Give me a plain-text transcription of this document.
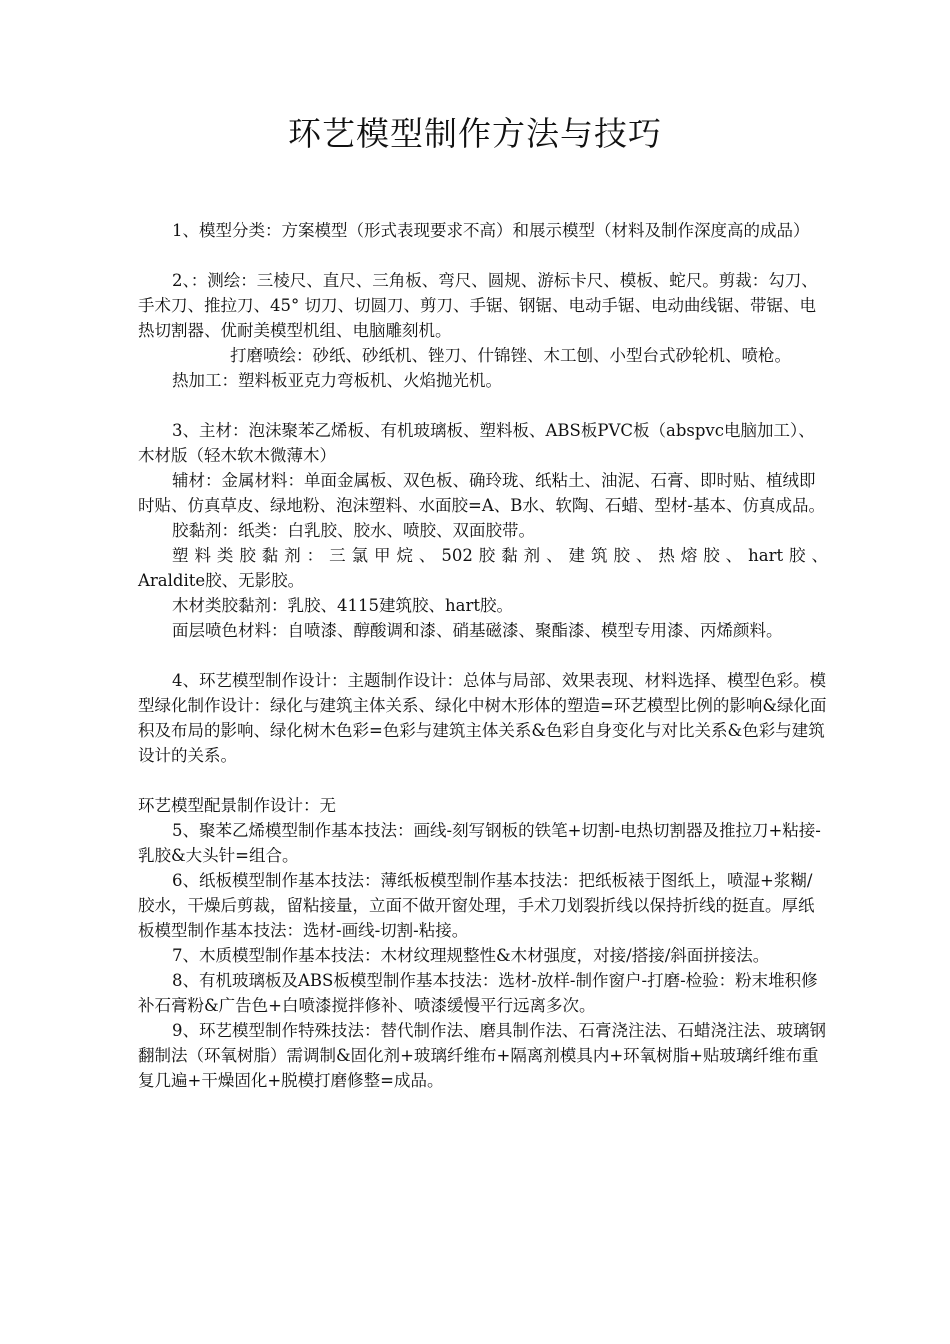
环艺模型制作方法与技巧

1、模型分类：方案模型（形式表现要求不高）和展示模型（材料及制作深度高的成品）

2、：测绘：三棱尺、直尺、三角板、弯尺、圆规、游标卡尺、模板、蛇尺。剪裁：勾刀、手术刀、推拉刀、45° 切刀、切圆刀、剪刀、手锯、钢锯、电动手锯、电动曲线锯、带锯、电热切割器、优耐美模型机组、电脑雕刻机。

打磨喷绘：砂纸、砂纸机、锉刀、什锦锉、木工刨、小型台式砂轮机、喷枪。

热加工：塑料板亚克力弯板机、火焰抛光机。

3、主材：泡沫聚苯乙烯板、有机玻璃板、塑料板、ABS板PVC板（abspvc电脑加工）、木材版（轻木软木微薄木）

辅材：金属材料：单面金属板、双色板、确玲珑、纸粘土、油泥、石膏、即时贴、植绒即时贴、仿真草皮、绿地粉、泡沫塑料、水面胶=A、B水、软陶、石蜡、型材-基本、仿真成品。

胶黏剂：纸类：白乳胶、胶水、喷胶、双面胶带。

塑料类胶黏剂：三氯甲烷、502胶黏剂、建筑胶、热熔胶、hart胶、

Araldite胶、无影胶。

木材类胶黏剂：乳胶、4115建筑胶、hart胶。

面层喷色材料：自喷漆、醇酸调和漆、硝基磁漆、聚酯漆、模型专用漆、丙烯颜料。

4、环艺模型制作设计：主题制作设计：总体与局部、效果表现、材料选择、模型色彩。模型绿化制作设计：绿化与建筑主体关系、绿化中树木形体的塑造=环艺模型比例的影响&绿化面积及布局的影响、绿化树木色彩=色彩与建筑主体关系&色彩自身变化与对比关系&色彩与建筑设计的关系。

环艺模型配景制作设计：无

5、聚苯乙烯模型制作基本技法：画线-刻写钢板的铁笔+切割-电热切割器及推拉刀+粘接-乳胶&大头针=组合。

6、纸板模型制作基本技法：薄纸板模型制作基本技法：把纸板裱于图纸上，喷湿+浆糊/胶水，干燥后剪裁，留粘接量，立面不做开窗处理，手术刀划裂折线以保持折线的挺直。厚纸板模型制作基本技法：选材-画线-切割-粘接。

7、木质模型制作基本技法：木材纹理规整性&木材强度，对接/搭接/斜面拼接法。

8、有机玻璃板及ABS板模型制作基本技法：选材-放样-制作窗户-打磨-检验：粉末堆积修补石膏粉&广告色+白喷漆搅拌修补、喷漆缓慢平行远离多次。

9、环艺模型制作特殊技法：替代制作法、磨具制作法、石膏浇注法、石蜡浇注法、玻璃钢翻制法（环氧树脂）需调制&固化剂+玻璃纤维布+隔离剂模具内+环氧树脂+贴玻璃纤维布重复几遍+干燥固化+脱模打磨修整=成品。
